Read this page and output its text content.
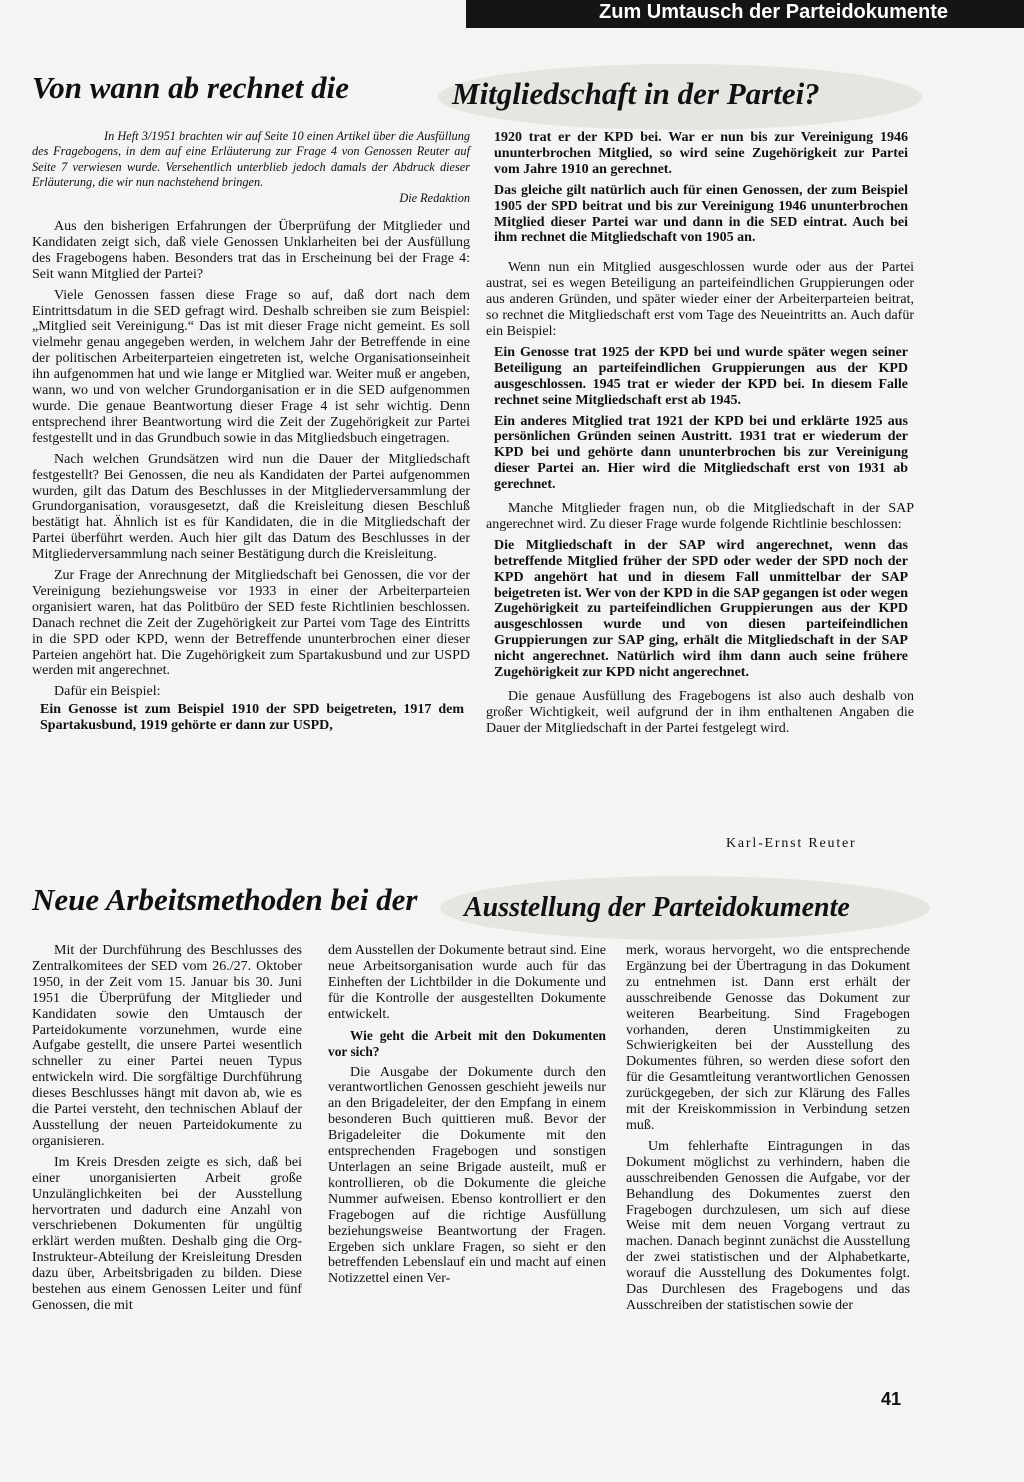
Zum Umtausch der Parteidokumente
Von wann ab rechnet die	Mitgliedschaft in der Partei?

In Heft 3/1951 brachten wir auf Seite 10 einen Artikel über die Ausfüllung des Fragebogens, in dem auf eine Erläuterung zur Frage 4 von Genossen Reuter auf Seite 7 verwiesen wurde. Versehentlich unterblieb jedoch damals der Abdruck dieser Erläuterung, die wir nun nachstehend bringen.

Die Redaktion

Aus den bisherigen Erfahrungen der Überprüfung der Mitglieder und Kandidaten zeigt sich, daß viele Genossen Unklarheiten bei der Ausfüllung des Fragebogens haben. Besonders trat das in Erscheinung bei der Frage 4: Seit wann Mitglied der Partei?

Viele Genossen fassen diese Frage so auf, daß dort nach dem Eintrittsdatum in die SED gefragt wird. Deshalb schreiben sie zum Beispiel: „Mitglied seit Vereinigung.“ Das ist mit dieser Frage nicht gemeint. Es soll vielmehr genau angegeben werden, in welchem Jahr der Betreffende in eine der politischen Arbeiterparteien eingetreten ist, welche Organisationseinheit ihn aufgenommen hat und wie lange er Mitglied war. Weiter muß er angeben, wann, wo und von welcher Grundorganisation er in die SED aufgenommen wurde. Die genaue Beantwortung dieser Frage 4 ist sehr wichtig. Denn entsprechend ihrer Beantwortung wird die Zeit der Zugehörigkeit zur Partei festgestellt und in das Grundbuch sowie in das Mitgliedsbuch eingetragen.

Nach welchen Grundsätzen wird nun die Dauer der Mitgliedschaft festgestellt? Bei Genossen, die neu als Kandidaten der Partei aufgenommen wurden, gilt das Datum des Beschlusses in der Mitgliederversammlung der Grundorganisation, vorausgesetzt, daß die Kreisleitung diesen Beschluß bestätigt hat. Ähnlich ist es für Kandidaten, die in die Mitgliedschaft der Partei überführt werden. Auch hier gilt das Datum des Beschlusses in der Mitgliederversammlung nach seiner Bestätigung durch die Kreisleitung.

Zur Frage der Anrechnung der Mitgliedschaft bei Genossen, die vor der Vereinigung beziehungsweise vor 1933 in einer der Arbeiterparteien organisiert waren, hat das Politbüro der SED feste Richtlinien beschlossen. Danach rechnet die Zeit der Zugehörigkeit zur Partei vom Tage des Eintritts in die SPD oder KPD, wenn der Betreffende ununterbrochen einer dieser Parteien angehört hat. Die Zugehörigkeit zum Spartakusbund und zur USPD werden mit angerechnet.

Dafür ein Beispiel:

Ein Genosse ist zum Beispiel 1910 der SPD beigetreten, 1917 dem Spartakusbund, 1919 gehörte er dann zur USPD,

1920 trat er der KPD bei. War er nun bis zur Vereinigung 1946 ununterbrochen Mitglied, so wird seine Zugehörigkeit zur Partei vom Jahre 1910 an gerechnet.

Das gleiche gilt natürlich auch für einen Genossen, der zum Beispiel 1905 der SPD beitrat und bis zur Vereinigung 1946 ununterbrochen Mitglied dieser Partei war und dann in die SED eintrat. Auch bei ihm rechnet die Mitgliedschaft von 1905 an.

Wenn nun ein Mitglied ausgeschlossen wurde oder aus der Partei austrat, sei es wegen Beteiligung an parteifeindlichen Gruppierungen oder aus anderen Gründen, und später wieder einer der Arbeiterparteien beitrat, so rechnet die Mitgliedschaft erst vom Tage des Neueintritts an. Auch dafür ein Beispiel:

Ein Genosse trat 1925 der KPD bei und wurde später wegen seiner Beteiligung an parteifeindlichen Gruppierungen aus der KPD ausgeschlossen. 1945 trat er wieder der KPD bei. In diesem Falle rechnet seine Mitgliedschaft erst ab 1945.

Ein anderes Mitglied trat 1921 der KPD bei und erklärte 1925 aus persönlichen Gründen seinen Austritt. 1931 trat er wiederum der KPD bei und gehörte dann ununterbrochen bis zur Vereinigung dieser Partei an. Hier wird die Mitgliedschaft erst von 1931 ab gerechnet.

Manche Mitglieder fragen nun, ob die Mitgliedschaft in der SAP angerechnet wird. Zu dieser Frage wurde folgende Richtlinie beschlossen:

Die Mitgliedschaft in der SAP wird angerechnet, wenn das betreffende Mitglied früher der SPD oder weder der SPD noch der KPD angehört hat und in diesem Fall unmittelbar der SAP beigetreten ist. Wer von der KPD in die SAP gegangen ist oder wegen Zugehörigkeit zu parteifeindlichen Gruppierungen aus der KPD ausgeschlossen wurde und von diesen parteifeindlichen Gruppierungen zur SAP ging, erhält die Mitgliedschaft in der SAP nicht angerechnet. Natürlich wird ihm dann auch seine frühere Zugehörigkeit zur KPD nicht angerechnet.

Die genaue Ausfüllung des Fragebogens ist also auch deshalb von großer Wichtigkeit, weil aufgrund der in ihm enthaltenen Angaben die Dauer der Mitgliedschaft in der Partei festgelegt wird.

Karl-Ernst Reuter
Neue Arbeitsmethoden bei der Ausstellung der Parteidokumente

Mit der Durchführung des Beschlusses des Zentralkomitees der SED vom 26./27. Oktober 1950, in der Zeit vom 15. Januar bis 30. Juni 1951 die Überprüfung der Mitglieder und Kandidaten sowie den Umtausch der Parteidokumente vorzunehmen, wurde eine Aufgabe gestellt, die unsere Partei wesentlich schneller zu einer Partei neuen Typus entwickeln wird. Die sorgfältige Durchführung dieses Beschlusses hängt mit davon ab, wie es die Partei versteht, den technischen Ablauf der Ausstellung der neuen Parteidokumente zu organisieren.

Im Kreis Dresden zeigte es sich, daß bei einer unorganisierten Arbeit große Unzulänglichkeiten bei der Ausstellung hervortraten und dadurch eine Anzahl von verschriebenen Dokumenten für ungültig erklärt werden mußten. Deshalb ging die Org-Instrukteur-Abteilung der Kreisleitung Dresden dazu über, Arbeitsbrigaden zu bilden. Diese bestehen aus einem Genossen Leiter und fünf Genossen, die mit

dem Ausstellen der Dokumente betraut sind. Eine neue Arbeitsorganisation wurde auch für das Einheften der Lichtbilder in die Dokumente und für die Kontrolle der ausgestellten Dokumente entwickelt.

Wie geht die Arbeit mit den Dokumenten vor sich?

Die Ausgabe der Dokumente durch den verantwortlichen Genossen geschieht jeweils nur an den Brigadeleiter, der den Empfang in einem besonderen Buch quittieren muß. Bevor der Brigadeleiter die Dokumente mit den entsprechenden Fragebogen und sonstigen Unterlagen an seine Brigade austeilt, muß er kontrollieren, ob die Dokumente die gleiche Nummer aufweisen. Ebenso kontrolliert er den Fragebogen auf die richtige Ausfüllung beziehungsweise Beantwortung der Fragen. Ergeben sich unklare Fragen, so sieht er den betreffenden Lebenslauf ein und macht auf einen Notizzettel einen Ver-

merk, woraus hervorgeht, wo die entsprechende Ergänzung bei der Übertragung in das Dokument zu entnehmen ist. Dann erst erhält der ausschreibende Genosse das Dokument zur weiteren Bearbeitung. Sind Fragebogen vorhanden, deren Unstimmigkeiten zu Schwierigkeiten bei der Ausstellung des Dokumentes führen, so werden diese sofort den für die Gesamtleitung verantwortlichen Genossen zurückgegeben, der sich zur Klärung des Falles mit der Kreiskommission in Verbindung setzen muß.

Um fehlerhafte Eintragungen in das Dokument möglichst zu verhindern, haben die ausschreibenden Genossen die Aufgabe, vor der Behandlung des Dokumentes zuerst den Fragebogen durchzulesen, um sich auf diese Weise mit dem neuen Vorgang vertraut zu machen. Danach beginnt zunächst die Ausstellung der zwei statistischen und der Alphabetkarte, worauf die Ausstellung des Dokumentes folgt. Das Durchlesen des Fragebogens und das Ausschreiben der statistischen sowie der

41
